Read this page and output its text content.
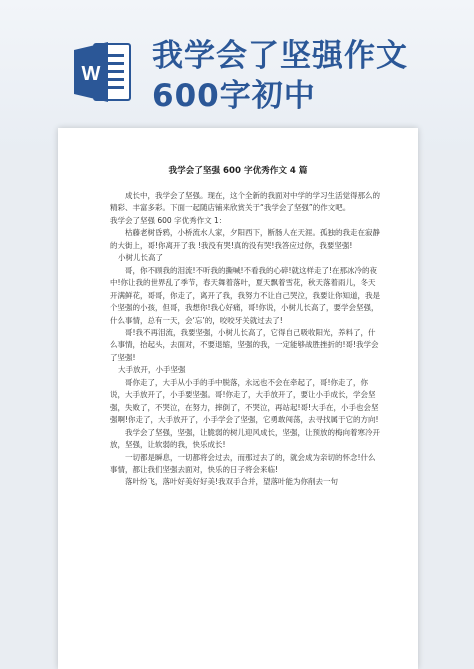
W 我学会了坚强作文
600字初中
我学会了坚强 600 字优秀作文 4 篇

成长中，我学会了坚强。现在，这个全新的我面对中学的学习生活觉得那么的精彩、丰富多彩。下面一起随店铺来欣赏关于“我学会了坚强”的作文吧。

我学会了坚强 600 字优秀作文 1：

枯藤老树昏鸦，小桥流水人家，夕阳西下，断肠人在天涯。孤独的我走在寂静的大街上，哥!你离开了我 !我没有哭!真的没有哭!我答应过你，我要坚强!

小树儿长高了

哥，你不顾我的泪流!不听我的撕喊!不看我的心碎!就这样走了!在那冰冷的夜中!你让我的世界乱了季节，春天舞着落叶，夏天飘着雪花，秋天落着雨儿，冬天开满鲜花，哥哥，你走了，离开了我，我努力不让自己哭泣，我要让你知道，我是个坚强的小孩，但哥，我想你!我心好痛，哥!你说，小树儿长高了，要学会坚强，什么事情，总有一天，会‘忘’的，咬咬牙关就过去了!

哥!我不再泪流，我要坚强，小树儿长高了，它得自己吸收阳光，养料了，什么事情，抬起头，去面对，不要退缩，坚强的我，一定能够战胜挫折的!哥!我学会了坚强!

大手放开，小手坚强

哥你走了，大手从小手的手中脱落，永远也不会在牵起了，哥!你走了，你说，大手放开了，小手要坚强。哥!你走了，大手放开了，要让小手成长，学会坚强，失败了，不哭泣，在努力，摔倒了，不哭泣，再站起!哥!大手在，小手也会坚强啊!你走了，大手放开了，小手学会了坚强，它勇敢闯荡，去寻找属于它的方向!

我学会了坚强，坚强，让脆弱的树儿迎风成长，坚强，让预放的梅向着寒冷开放，坚强，让软弱的我，快乐成长!

一切都是瞬息，一切都将会过去，而那过去了的，就会成为亲切的怀念!什么事情，都让我们坚强去面对，快乐的日子将会来临!

落叶纷飞，落叶好美好好美!我双手合并，望落叶能为你削去一句
